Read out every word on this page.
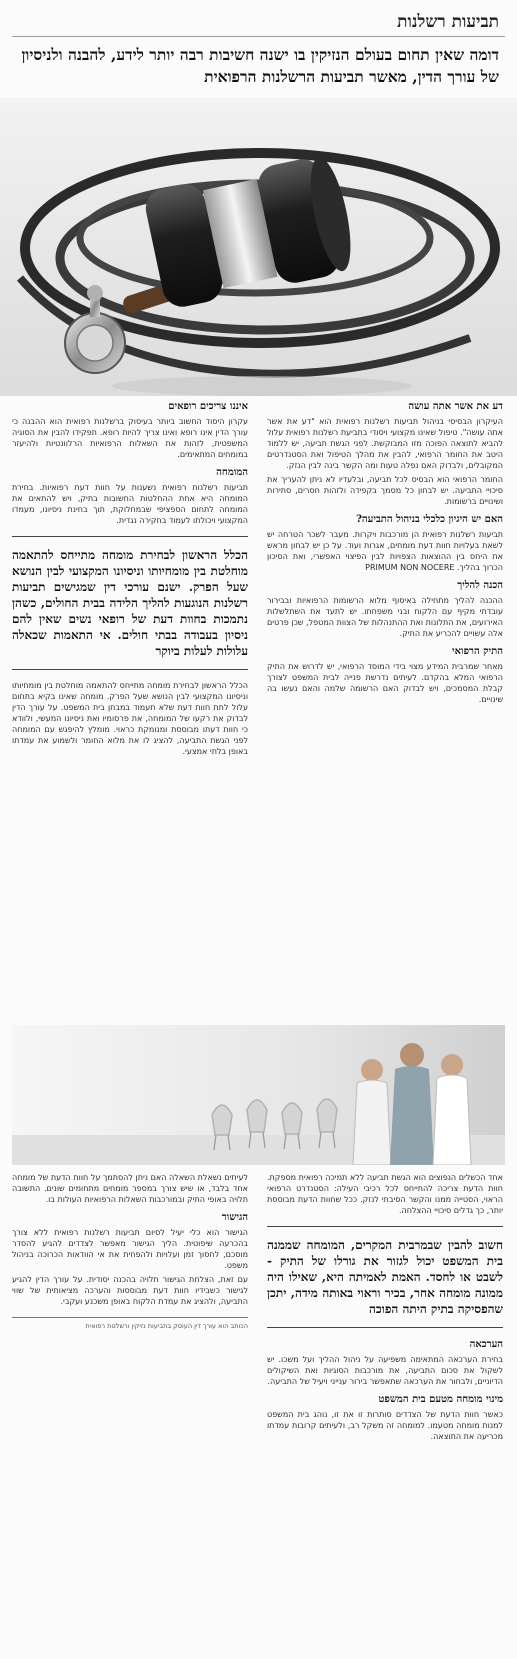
תביעות רשלנות
דומה שאין תחום בעולם הנזיקין בו ישנה חשיבות רבה יותר לידע, להבנה ולניסיון של עורך הדין, מאשר תביעות הרשלנות הרפואית
דע את אשר אתה עושה

העיקרון הבסיסי בניהול תביעות רשלנות רפואית הוא "דע את אשר אתה עושה". טיפול שאינו מקצועי ויסודי בתביעת רשלנות רפואית עלול להביא לתוצאה הפוכה מזו המבוקשת. לפני הגשת תביעה, יש ללמוד היטב את החומר הרפואי, להבין את מהלך הטיפול ואת הסטנדרטים המקובלים, ולבדוק האם נפלה טעות ומה הקשר בינה לבין הנזק.

החומר הרפואי הוא הבסיס לכל תביעה, ובלעדיו לא ניתן להעריך את סיכויי התביעה. יש לבחון כל מסמך בקפידה ולזהות חסרים, סתירות ושינויים ברשומות.

האם יש היגיון כלכלי בניהול התביעה?

תביעות רשלנות רפואית הן מורכבות ויקרות. מעבר לשכר הטרחה יש לשאת בעלויות חוות דעת מומחים, אגרות ועוד. על כן יש לבחון מראש את היחס בין ההוצאות הצפויות לבין הפיצוי האפשרי, ואת הסיכון הכרוך בהליך. PRIMUM NON NOCERE

הכנה להליך

ההכנה להליך מתחילה באיסוף מלוא הרשומות הרפואיות ובבירור עובדתי מקיף עם הלקוח ובני משפחתו. יש לתעד את השתלשלות האירועים, את התלונות ואת ההתנהלות של הצוות המטפל, שכן פרטים אלה עשויים להכריע את התיק.

התיק הרפואי

מאחר שמרבית המידע מצוי בידי המוסד הרפואי, יש לדרוש את התיק הרפואי המלא בהקדם. לעיתים נדרשת פנייה לבית המשפט לצורך קבלת המסמכים, ויש לבדוק האם הרשומה שלמה והאם נעשו בה שינויים.

איננו צריכים רופאים

עקרון היסוד החשוב ביותר בעיסוק ברשלנות רפואית הוא ההבנה כי עורך הדין אינו רופא ואינו צריך להיות רופא. תפקידו להבין את הסוגיה המשפטית, לזהות את השאלות הרפואיות הרלוונטיות ולהיעזר במומחים המתאימים.

המומחה

תביעות רשלנות רפואית נשענות על חוות דעת רפואיות. בחירת המומחה היא אחת ההחלטות החשובות בתיק, ויש להתאים את המומחה לתחום הספציפי שבמחלוקת, תוך בחינת ניסיונו, מעמדו המקצועי ויכולתו לעמוד בחקירה נגדית.

הכלל הראשון לבחירת מומחה מתייחס להתאמה מוחלטת בין מומחיותו וניסיונו המקצועי לבין הנושא שעל הפרק. ישנם עורכי דין שמגישים תביעות רשלנות הנוגעות להליך הלידה בבית החולים, כשהן נתמכות בחוות דעת של רופאי נשים שאין להם ניסיון בעבודה בבתי חולים. אי התאמות שכאלה עלולות לעלות ביוקר

הכלל הראשון לבחירת מומחה מתייחס להתאמה מוחלטת בין מומחיותו וניסיונו המקצועי לבין הנושא שעל הפרק. מומחה שאינו בקיא בתחום עלול לתת חוות דעת שלא תעמוד במבחן בית המשפט. על עורך הדין לבדוק את רקעו של המומחה, את פרסומיו ואת ניסיונו המעשי, ולוודא כי חוות דעתו מבוססת ומנומקת כראוי. מומלץ להיפגש עם המומחה לפני הגשת התביעה, להציג לו את מלוא החומר ולשמוע את עמדתו באופן בלתי אמצעי.

אחד הכשלים הנפוצים הוא הגשת תביעה ללא תמיכה רפואית מספקת. חוות הדעת צריכה להתייחס לכל רכיבי העילה: הסטנדרט הרפואי הראוי, הסטייה ממנו והקשר הסיבתי לנזק. ככל שחוות הדעת מבוססת יותר, כך גדלים סיכויי ההצלחה.

חשוב להבין שבמרבית המקרים, המומחה שממנה בית המשפט יכול לגזור את גורלו של התיק - לשבט או לחסד. האמת לאמיתה היא, שאילו היה ממונה מומחה אחר, בכיר וראוי באותה מידה, יתכן שהפסיקה בתיק היתה הפוכה
הערכאה

בחירת הערכאה המתאימה משפיעה על ניהול ההליך ועל משכו. יש לשקול את סכום התביעה, את מורכבות הסוגיות ואת השיקולים הדיוניים, ולבחור את הערכאה שתאפשר בירור ענייני ויעיל של התביעה.

מינוי מומחה מטעם בית המשפט

כאשר חוות הדעת של הצדדים סותרות זו את זו, נוהג בית המשפט למנות מומחה מטעמו. למומחה זה משקל רב, ולעיתים קרובות עמדתו מכריעה את התוצאה.

לעיתים נשאלת השאלה האם ניתן להסתמך על חוות הדעת של מומחה אחד בלבד, או שיש צורך במספר מומחים מתחומים שונים. התשובה תלויה באופי התיק ובמורכבות השאלות הרפואיות העולות בו.

הגישור

הגישור הוא כלי יעיל לסיום תביעות רשלנות רפואית ללא צורך בהכרעה שיפוטית. הליך הגישור מאפשר לצדדים להגיע להסדר מוסכם, לחסוך זמן ועלויות ולהפחית את אי הוודאות הכרוכה בניהול משפט.

עם זאת, הצלחת הגישור תלויה בהכנה יסודית. על עורך הדין להגיע לגישור כשבידיו חוות דעת מבוססות והערכה מציאותית של שווי התביעה, ולהציג את עמדת הלקוח באופן משכנע ועקבי.

הכותב הוא עורך דין העוסק בתביעות נזיקין ורשלנות רפואית
